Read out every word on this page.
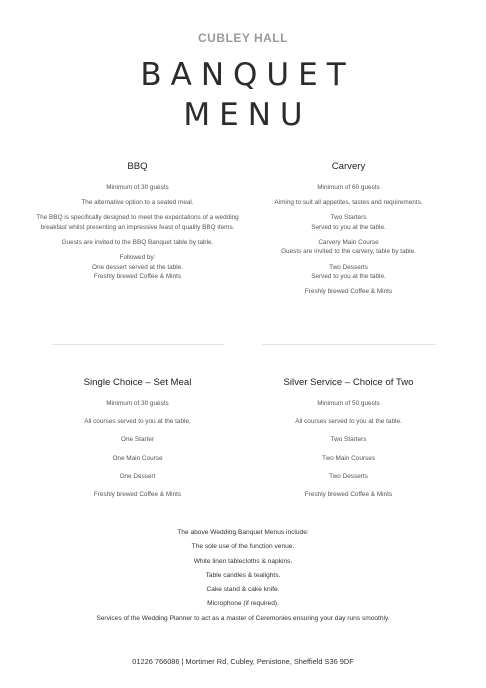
CUBLEY HALL
BANQUET
MENU
BBQ

Minimum of 30 guests

The alternative option to a seated meal.

The BBQ is specifically designed to meet the expectations of a wedding breakfast whilst presenting an impressive feast of quality BBQ items.

Guests are invited to the BBQ Banquet table by table.

Followed by:

One dessert served at the table.

Freshly brewed Coffee & Mints

Carvery

Minimum of 60 guests

Aiming to suit all appetites, tastes and requirements.

Two Starters

Served to you at the table.

Carvery Main Course

Guests are invited to the carvery, table by table.

Two Desserts

Served to you at the table.

Freshly brewed Coffee & Mints

Single Choice – Set Meal

Minimum of 30 guests

All courses served to you at the table.

One Starter

One Main Course

One Dessert

Freshly brewed Coffee & Mints

Silver Service – Choice of Two

Minimum of 50 guests

All courses served to you at the table.

Two Starters

Two Main Courses

Two Desserts

Freshly brewed Coffee & Mints

The above Wedding Banquet Menus include:
The sole use of the function venue.
White linen tablecloths & napkins.
Table candles & tealights.
Cake stand & cake knife.
Microphone (if required).
Services of the Wedding Planner to act as a master of Ceremonies ensuring your day runs smoothly.
01226 766086 | Mortimer Rd, Cubley, Penistone, Sheffield S36 9DF
